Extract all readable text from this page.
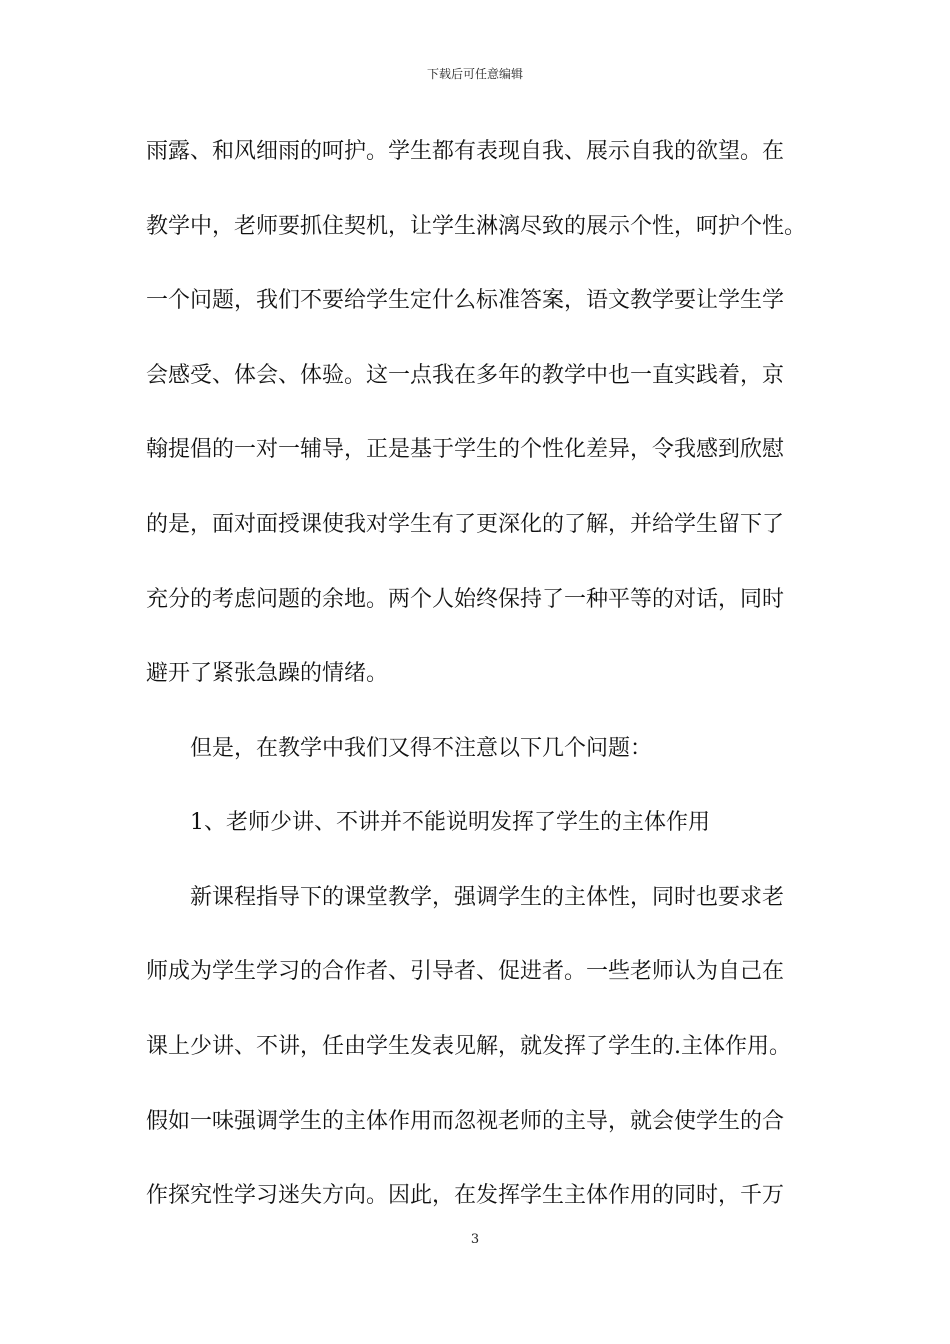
下载后可任意编辑
雨露、和风细雨的呵护。学生都有表现自我、展示自我的欲望。在
教学中，老师要抓住契机，让学生淋漓尽致的展示个性，呵护个性。
一个问题，我们不要给学生定什么标准答案，语文教学要让学生学
会感受、体会、体验。这一点我在多年的教学中也一直实践着，京
翰提倡的一对一辅导，正是基于学生的个性化差异，令我感到欣慰
的是，面对面授课使我对学生有了更深化的了解，并给学生留下了
充分的考虑问题的余地。两个人始终保持了一种平等的对话，同时
避开了紧张急躁的情绪。
但是，在教学中我们又得不注意以下几个问题：
1、老师少讲、不讲并不能说明发挥了学生的主体作用
新课程指导下的课堂教学，强调学生的主体性，同时也要求老
师成为学生学习的合作者、引导者、促进者。一些老师认为自己在
课上少讲、不讲，任由学生发表见解，就发挥了学生的.主体作用。
假如一味强调学生的主体作用而忽视老师的主导，就会使学生的合
作探究性学习迷失方向。因此，在发挥学生主体作用的同时，千万
3
